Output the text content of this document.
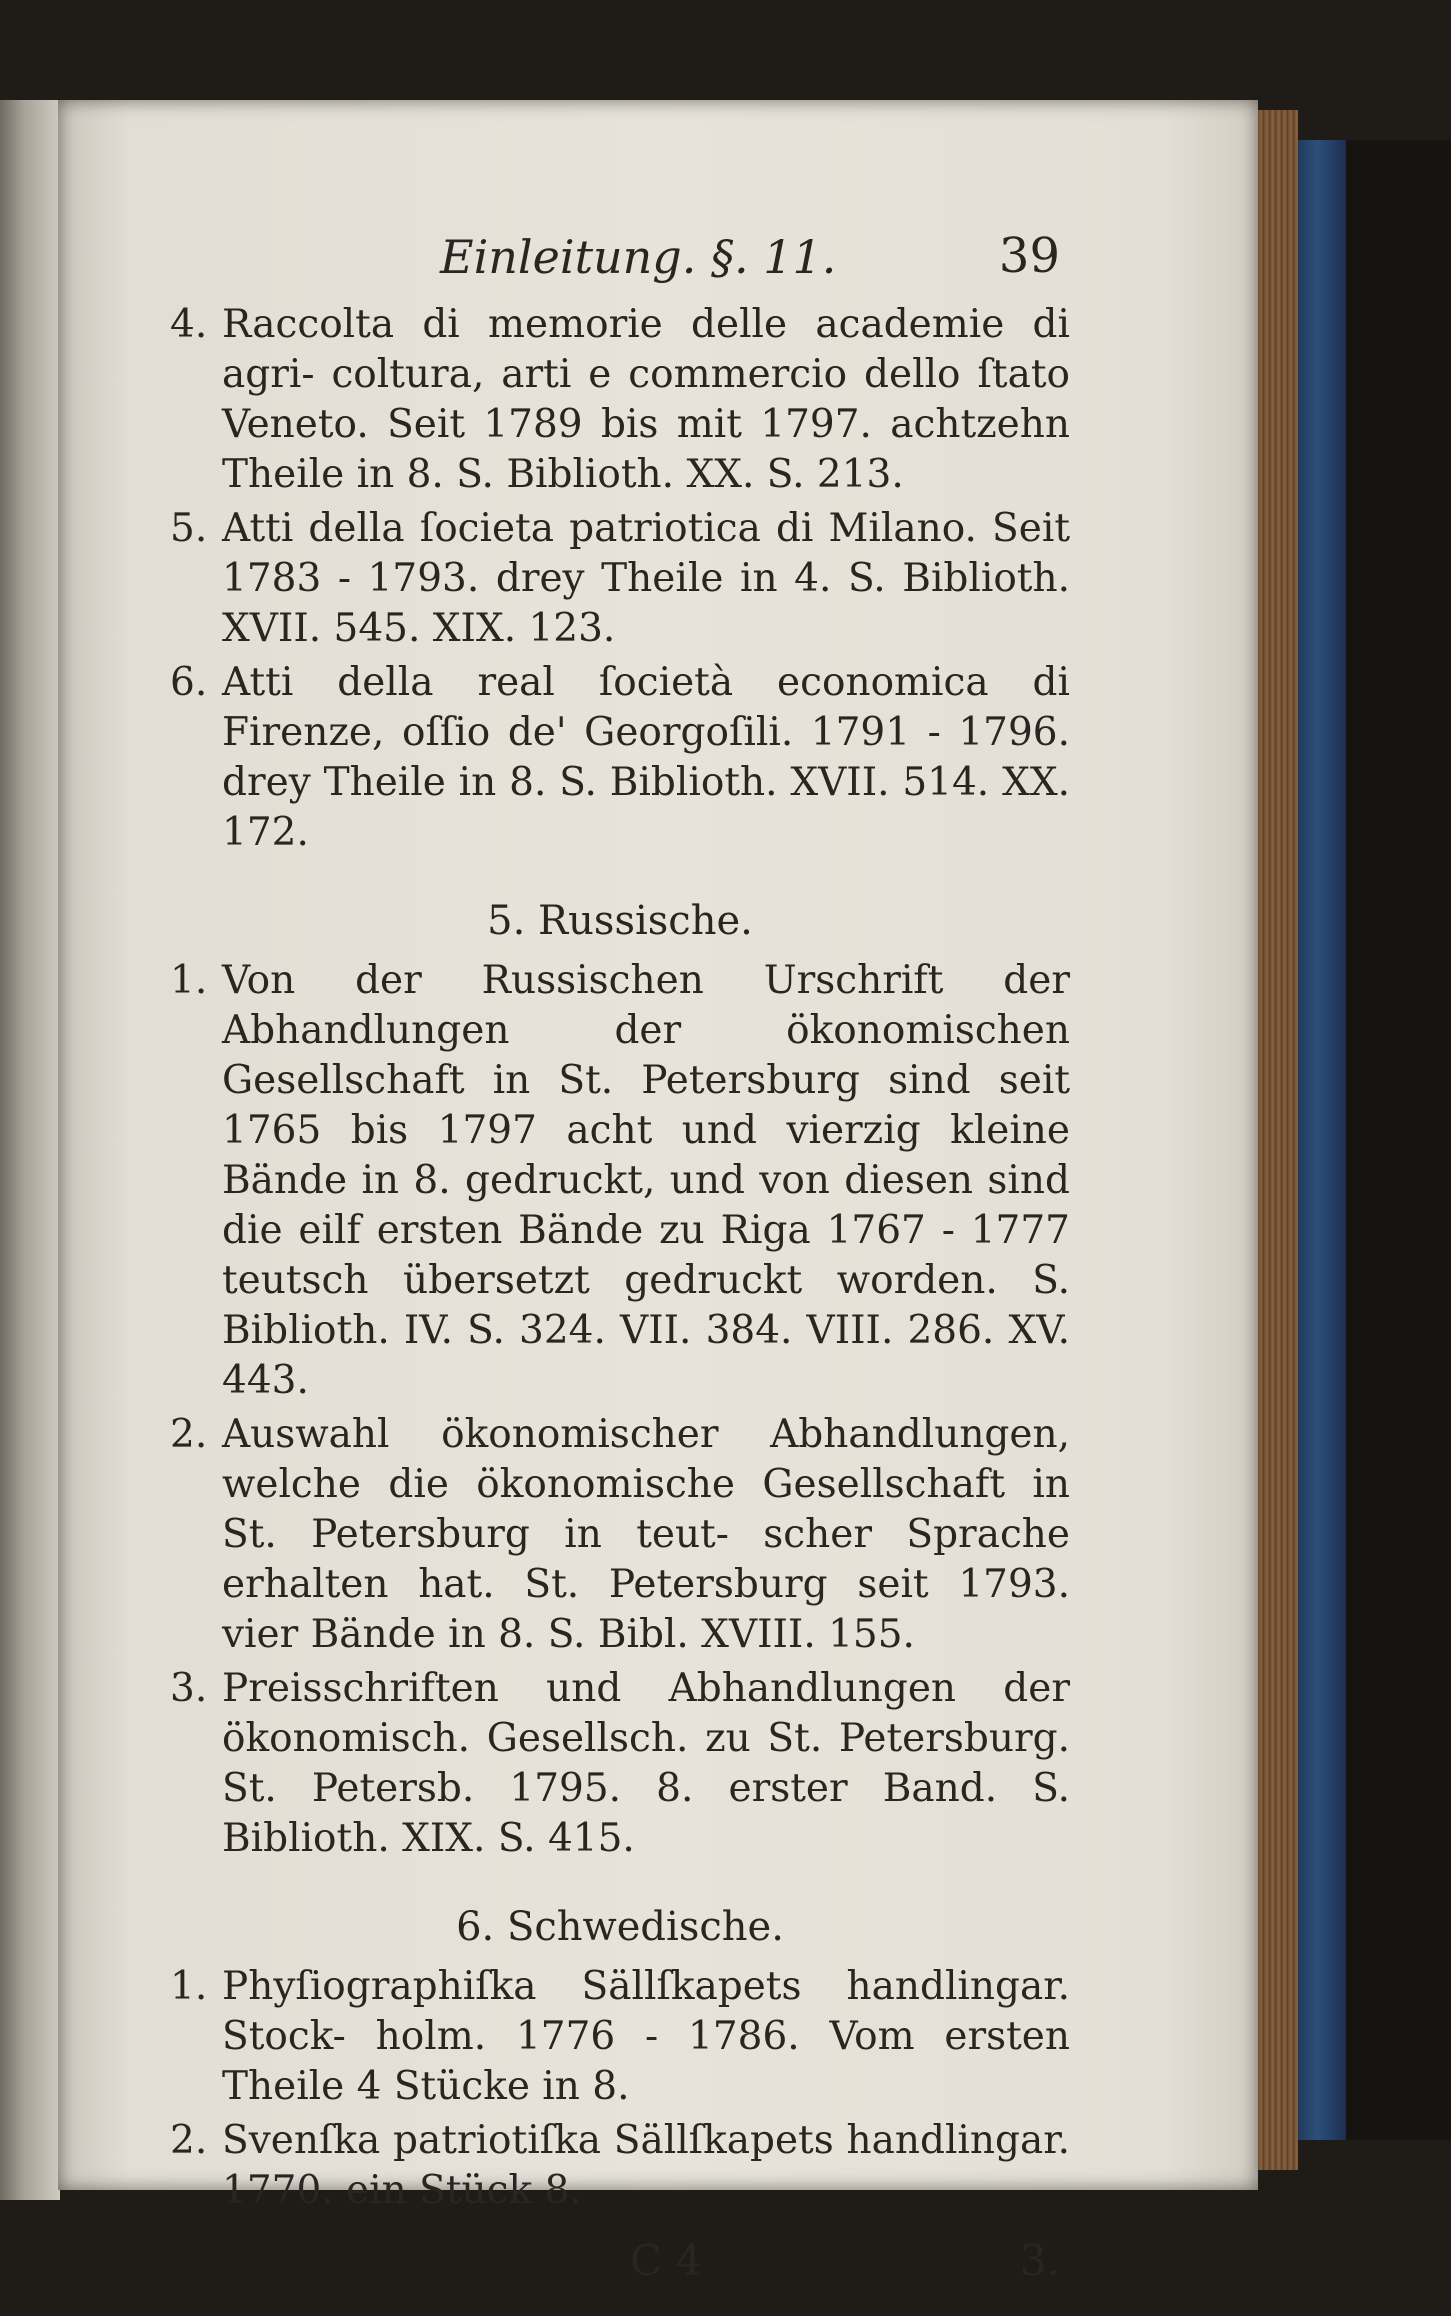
Einleitung. §. 11.	39
4. Raccolta di memorie delle academie di agri- coltura, arti e commercio dello ſtato Veneto. Seit 1789 bis mit 1797. achtzehn Theile in 8. S. Biblioth. XX. S. 213.
5. Atti della ſocieta patriotica di Milano. Seit 1783 - 1793. drey Theile in 4. S. Biblioth. XVII. 545. XIX. 123.
6. Atti della real ſocietà economica di Firenze, oſſio de' Georgoſili. 1791 - 1796. drey Theile in 8. S. Biblioth. XVII. 514. XX. 172.
5. Russische.
1. Von der Russischen Urschrift der Abhandlungen der ökonomischen Gesellschaft in St. Petersburg sind seit 1765 bis 1797 acht und vierzig kleine Bände in 8. gedruckt, und von diesen sind die eilf ersten Bände zu Riga 1767 - 1777 teutsch übersetzt gedruckt worden. S. Biblioth. IV. S. 324. VII. 384. VIII. 286. XV. 443.
2. Auswahl ökonomischer Abhandlungen, welche die ökonomische Gesellschaft in St. Petersburg in teut- scher Sprache erhalten hat. St. Petersburg seit 1793. vier Bände in 8. S. Bibl. XVIII. 155.
3. Preisschriften und Abhandlungen der ökonomisch. Gesellsch. zu St. Petersburg. St. Petersb. 1795. 8. erster Band. S. Biblioth. XIX. S. 415.
6. Schwedische.
1. Phyſiographiſka Sällſkapets handlingar. Stock- holm. 1776 - 1786. Vom ersten Theile 4 Stücke in 8.
2. Svenſka patriotiſka Sällſkapets handlingar. 1770. ein Stück 8.
C 4	3.
